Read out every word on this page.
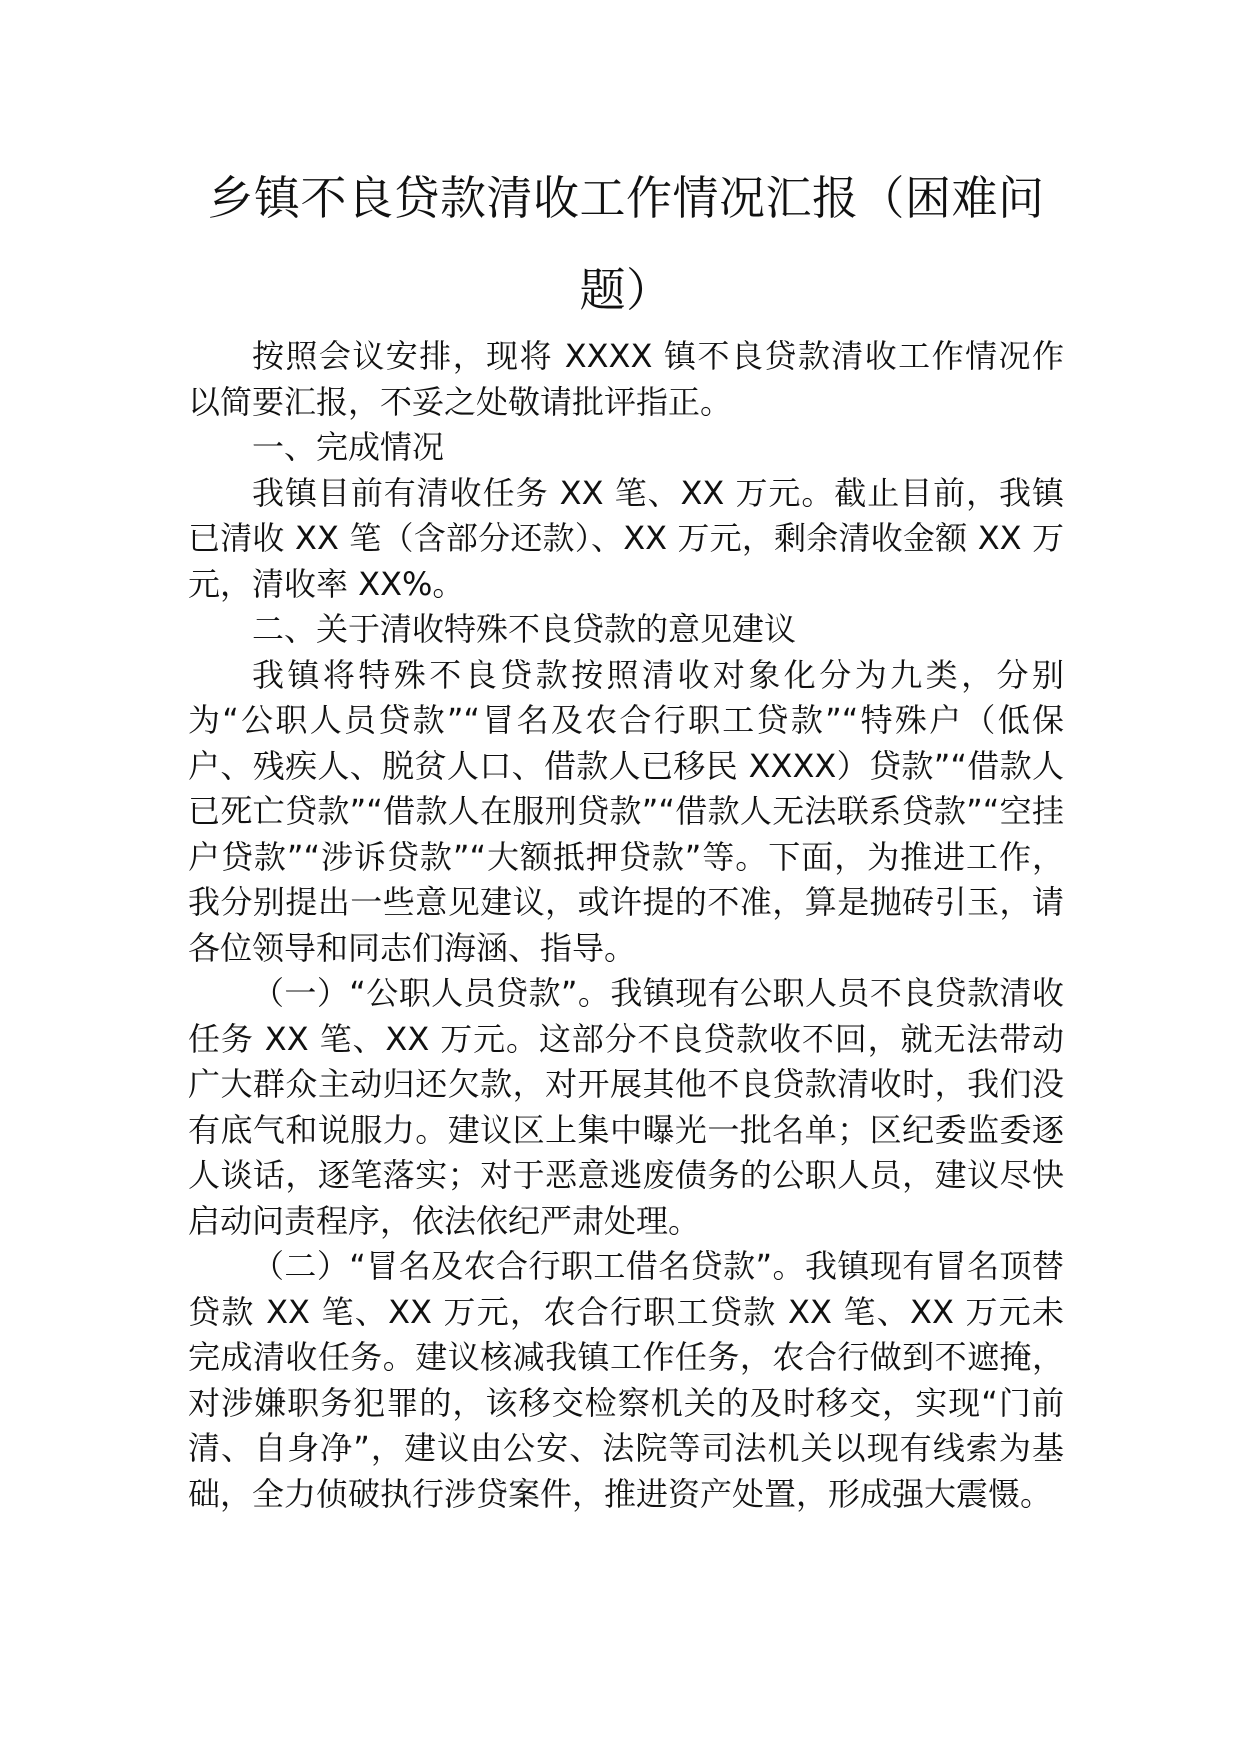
乡镇不良贷款清收工作情况汇报（困难问
题）

按照会议安排，现将 XXXX 镇不良贷款清收工作情况作以简要汇报，不妥之处敬请批评指正。

一、完成情况

我镇目前有清收任务 XX 笔、XX 万元。截止目前，我镇已清收 XX 笔（含部分还款）、XX 万元，剩余清收金额 XX 万元，清收率 XX%。

二、关于清收特殊不良贷款的意见建议

我镇将特殊不良贷款按照清收对象化分为九类，分别为“公职人员贷款”“冒名及农合行职工贷款”“特殊户（低保户、残疾人、脱贫人口、借款人已移民 XXXX）贷款”“借款人已死亡贷款”“借款人在服刑贷款”“借款人无法联系贷款”“空挂户贷款”“涉诉贷款”“大额抵押贷款”等。下面，为推进工作，我分别提出一些意见建议，或许提的不准，算是抛砖引玉，请各位领导和同志们海涵、指导。

（一）“公职人员贷款”。我镇现有公职人员不良贷款清收任务 XX 笔、XX 万元。这部分不良贷款收不回，就无法带动广大群众主动归还欠款，对开展其他不良贷款清收时，我们没有底气和说服力。建议区上集中曝光一批名单；区纪委监委逐人谈话，逐笔落实；对于恶意逃废债务的公职人员，建议尽快启动问责程序，依法依纪严肃处理。

（二）“冒名及农合行职工借名贷款”。我镇现有冒名顶替贷款 XX 笔、XX 万元，农合行职工贷款 XX 笔、XX 万元未完成清收任务。建议核减我镇工作任务，农合行做到不遮掩，对涉嫌职务犯罪的，该移交检察机关的及时移交，实现“门前清、自身净”，建议由公安、法院等司法机关以现有线索为基础，全力侦破执行涉贷案件，推进资产处置，形成强大震慑。
